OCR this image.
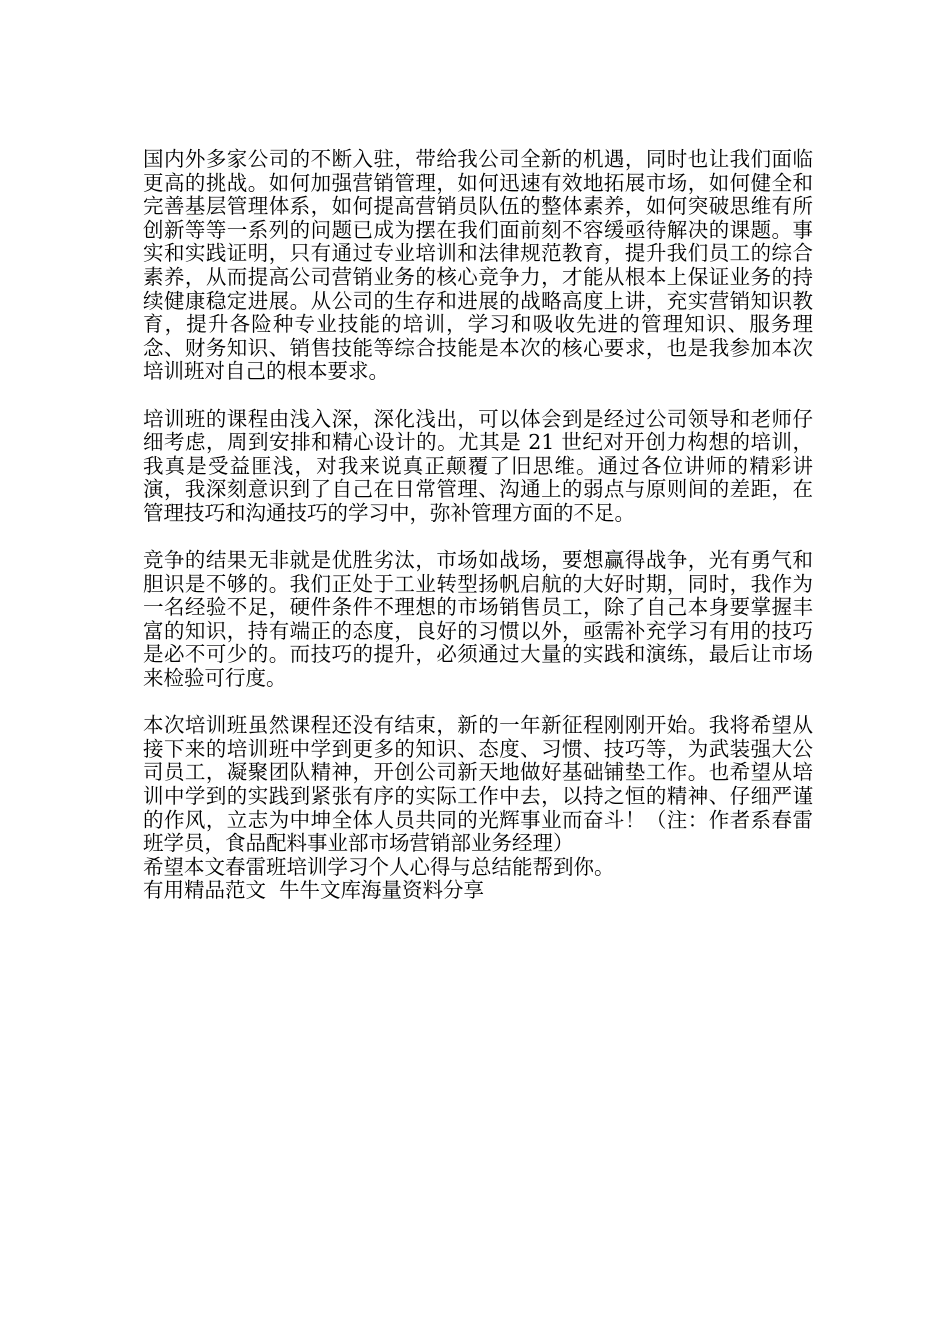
国内外多家公司的不断入驻，带给我公司全新的机遇，同时也让我们面临更高的挑战。如何加强营销管理，如何迅速有效地拓展市场，如何健全和完善基层管理体系，如何提高营销员队伍的整体素养，如何突破思维有所创新等等一系列的问题已成为摆在我们面前刻不容缓亟待解决的课题。事实和实践证明，只有通过专业培训和法律规范教育，提升我们员工的综合素养，从而提高公司营销业务的核心竞争力，才能从根本上保证业务的持续健康稳定进展。从公司的生存和进展的战略高度上讲，充实营销知识教育，提升各险种专业技能的培训，学习和吸收先进的管理知识、服务理念、财务知识、销售技能等综合技能是本次的核心要求，也是我参加本次培训班对自己的根本要求。

培训班的课程由浅入深，深化浅出，可以体会到是经过公司领导和老师仔细考虑，周到安排和精心设计的。尤其是 21 世纪对开创力构想的培训，我真是受益匪浅，对我来说真正颠覆了旧思维。通过各位讲师的精彩讲演，我深刻意识到了自己在日常管理、沟通上的弱点与原则间的差距，在管理技巧和沟通技巧的学习中，弥补管理方面的不足。

竞争的结果无非就是优胜劣汰，市场如战场，要想赢得战争，光有勇气和胆识是不够的。我们正处于工业转型扬帆启航的大好时期，同时，我作为一名经验不足，硬件条件不理想的市场销售员工，除了自己本身要掌握丰富的知识，持有端正的态度，良好的习惯以外，亟需补充学习有用的技巧是必不可少的。而技巧的提升，必须通过大量的实践和演练，最后让市场来检验可行度。

本次培训班虽然课程还没有结束，新的一年新征程刚刚开始。我将希望从接下来的培训班中学到更多的知识、态度、习惯、技巧等，为武装强大公司员工，凝聚团队精神，开创公司新天地做好基础铺垫工作。也希望从培训中学到的实践到紧张有序的实际工作中去，以持之恒的精神、仔细严谨的作风，立志为中坤全体人员共同的光辉事业而奋斗！（注：作者系春雷班学员，食品配料事业部市场营销部业务经理）

希望本文春雷班培训学习个人心得与总结能帮到你。

有用精品范文  牛牛文库海量资料分享
